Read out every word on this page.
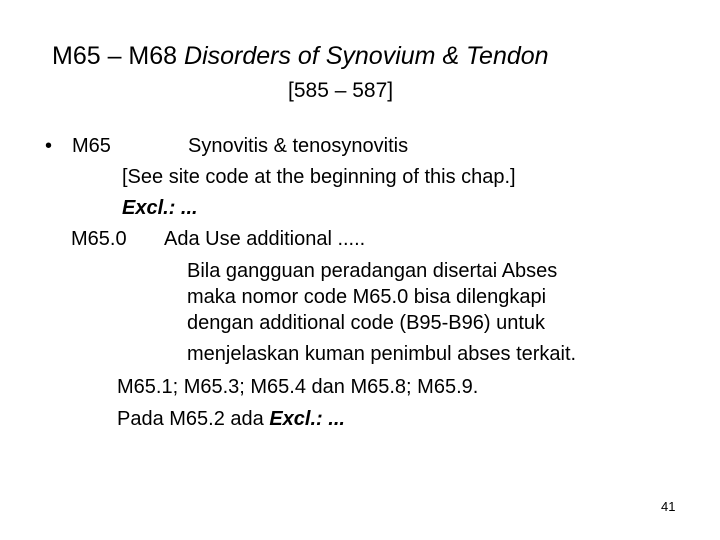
M65 – M68 Disorders of Synovium & Tendon
[585 – 587]
• M65	Synovitis & tenosynovitis
[See site code at the beginning of this chap.]
Excl.: ...
M65.0 Ada Use additional .....
Bila gangguan peradangan disertai Abses
maka nomor code M65.0 bisa dilengkapi
dengan additional code (B95-B96) untuk
menjelaskan kuman penimbul abses terkait.
M65.1; M65.3; M65.4 dan M65.8; M65.9.
Pada M65.2 ada Excl.: ...
41
